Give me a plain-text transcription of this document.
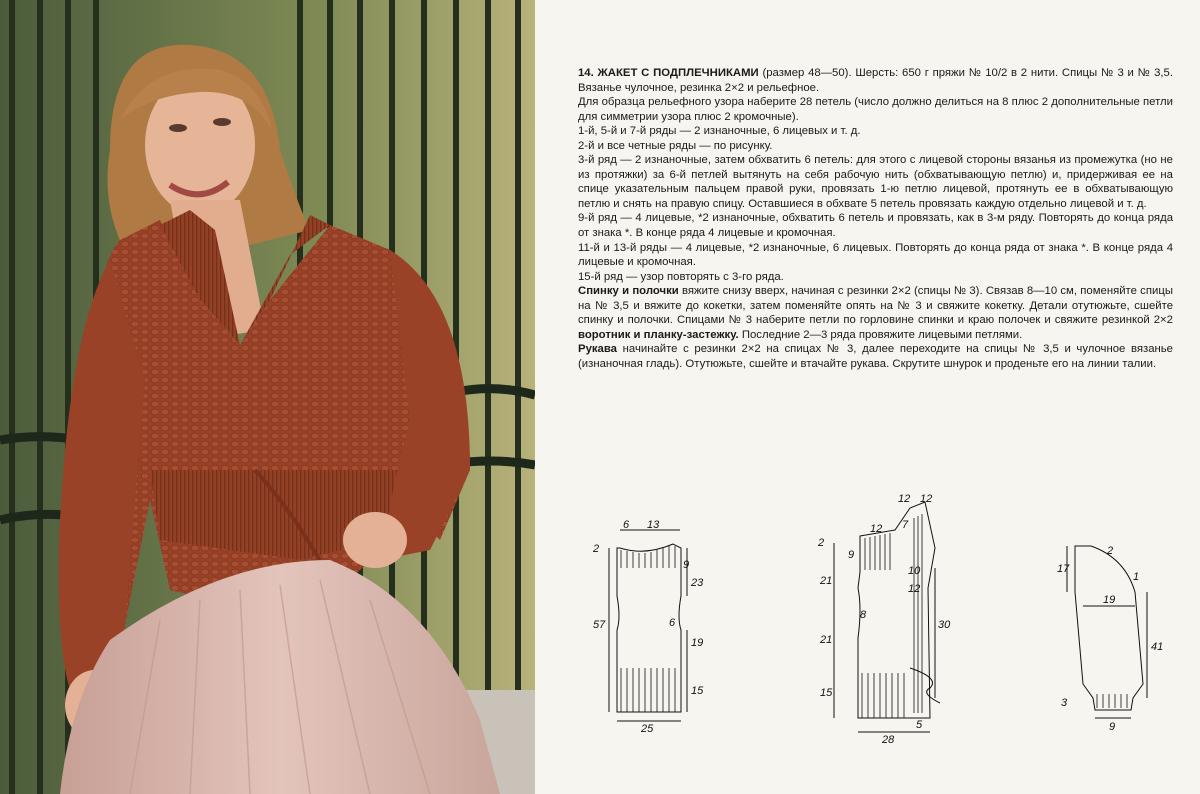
14. ЖАКЕТ С ПОДПЛЕЧНИКАМИ (размер 48—50). Шерсть: 650 г пряжи № 10/2 в 2 нити. Спицы № 3 и № 3,5. Вязанье чулочное, резинка 2×2 и рельефное.

Для образца рельефного узора наберите 28 петель (число должно делиться на 8 плюс 2 дополнительные петли для симметрии узора плюс 2 кромочные).

1-й, 5-й и 7-й ряды — 2 изнаночные, 6 лицевых и т. д.

2-й и все четные ряды — по рисунку.

3-й ряд — 2 изнаночные, затем обхватить 6 петель: для этого с лицевой стороны вязанья из промежутка (но не из протяжки) за 6-й петлей вытянуть на себя рабочую нить (обхватывающую петлю) и, придерживая ее на спице указательным пальцем правой руки, провязать 1-ю петлю лицевой, протянуть ее в обхватывающую петлю и снять на правую спицу. Оставшиеся в обхвате 5 петель провязать каждую отдельно лицевой и т. д.

9-й ряд — 4 лицевые, *2 изнаночные, обхватить 6 петель и провязать, как в 3-м ряду. Повторять до конца ряда от знака *. В конце ряда 4 лицевые и кромочная.

11-й и 13-й ряды — 4 лицевые, *2 изнаночные, 6 лицевых. Повторять до конца ряда от знака *. В конце ряда 4 лицевые и кромочная.

15-й ряд — узор повторять с 3-го ряда.

Спинку и полочки вяжите снизу вверх, начиная с резинки 2×2 (спицы № 3). Связав 8—10 см, поменяйте спицы на № 3,5 и вяжите до кокетки, затем поменяйте опять на № 3 и свяжите кокетку. Детали отутюжьте, сшейте спинку и полочки. Спицами № 3 наберите петли по горловине спинки и краю полочек и свяжите резинкой 2×2 воротник и планку-застежку. Последние 2—3 ряда провяжите лицевыми петлями.

Рукава начинайте с резинки 2×2 на спицах № 3, далее переходите на спицы № 3,5 и чулочное вязанье (изнаночная гладь). Отутюжьте, сшейте и втачайте рукава. Скрутите шнурок и проденьте его на линии талии.

6 13
2
9
23
57	6
19
15
25
12 12
12 7
2
9
21
10
12
8
30
21
15
28
5
2
17
1
19
41
3
9
